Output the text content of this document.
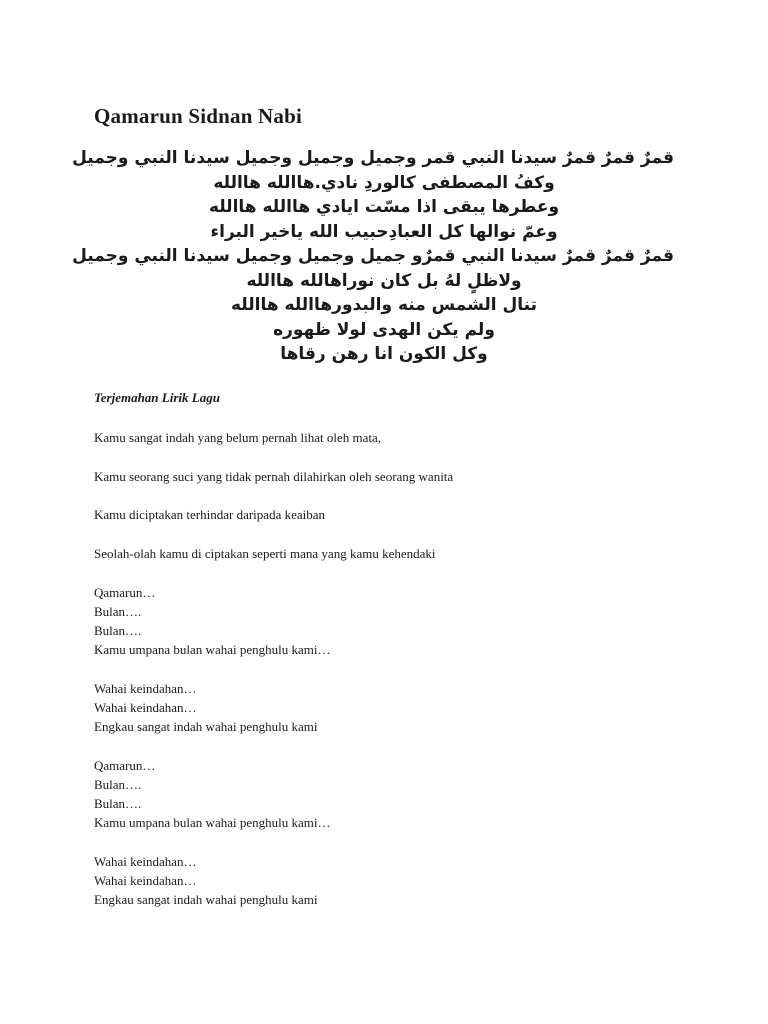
Qamarun Sidnan Nabi
قمرٌ قمرٌ قمرٌ سيدنا النبي قمر وجميل وجميل وجميل سيدنا النبي وجميل
وكفُ المصطفى كالوردِ نادي.هاالله هاالله
وعطرها يبقى اذا مسّت ايادي هاالله هاالله
وعمّ نوالها كل العبادِحبيب الله ياخير البراء
قمرٌ قمرٌ قمرٌ سيدنا النبي قمرٌو جميل وجميل وجميل سيدنا النبي وجميل
ولاظلٍ لهُ بل كان نوراهالله هاالله
تنال الشمس منه والبدورهاالله هاالله
ولم يكن الهدى لولا ظهوره
وكل الكون انا رهن رقاها
Terjemahan Lirik Lagu
Kamu sangat indah yang belum pernah lihat oleh mata,
Kamu seorang suci yang tidak pernah dilahirkan oleh seorang wanita
Kamu diciptakan terhindar daripada keaiban
Seolah-olah kamu di ciptakan seperti mana yang kamu kehendaki
Qamarun…
Bulan….
Bulan….
Kamu umpana bulan wahai penghulu kami…
Wahai keindahan…
Wahai keindahan…
Engkau sangat indah wahai penghulu kami
Qamarun…
Bulan….
Bulan….
Kamu umpana bulan wahai penghulu kami…
Wahai keindahan…
Wahai keindahan…
Engkau sangat indah wahai penghulu kami
